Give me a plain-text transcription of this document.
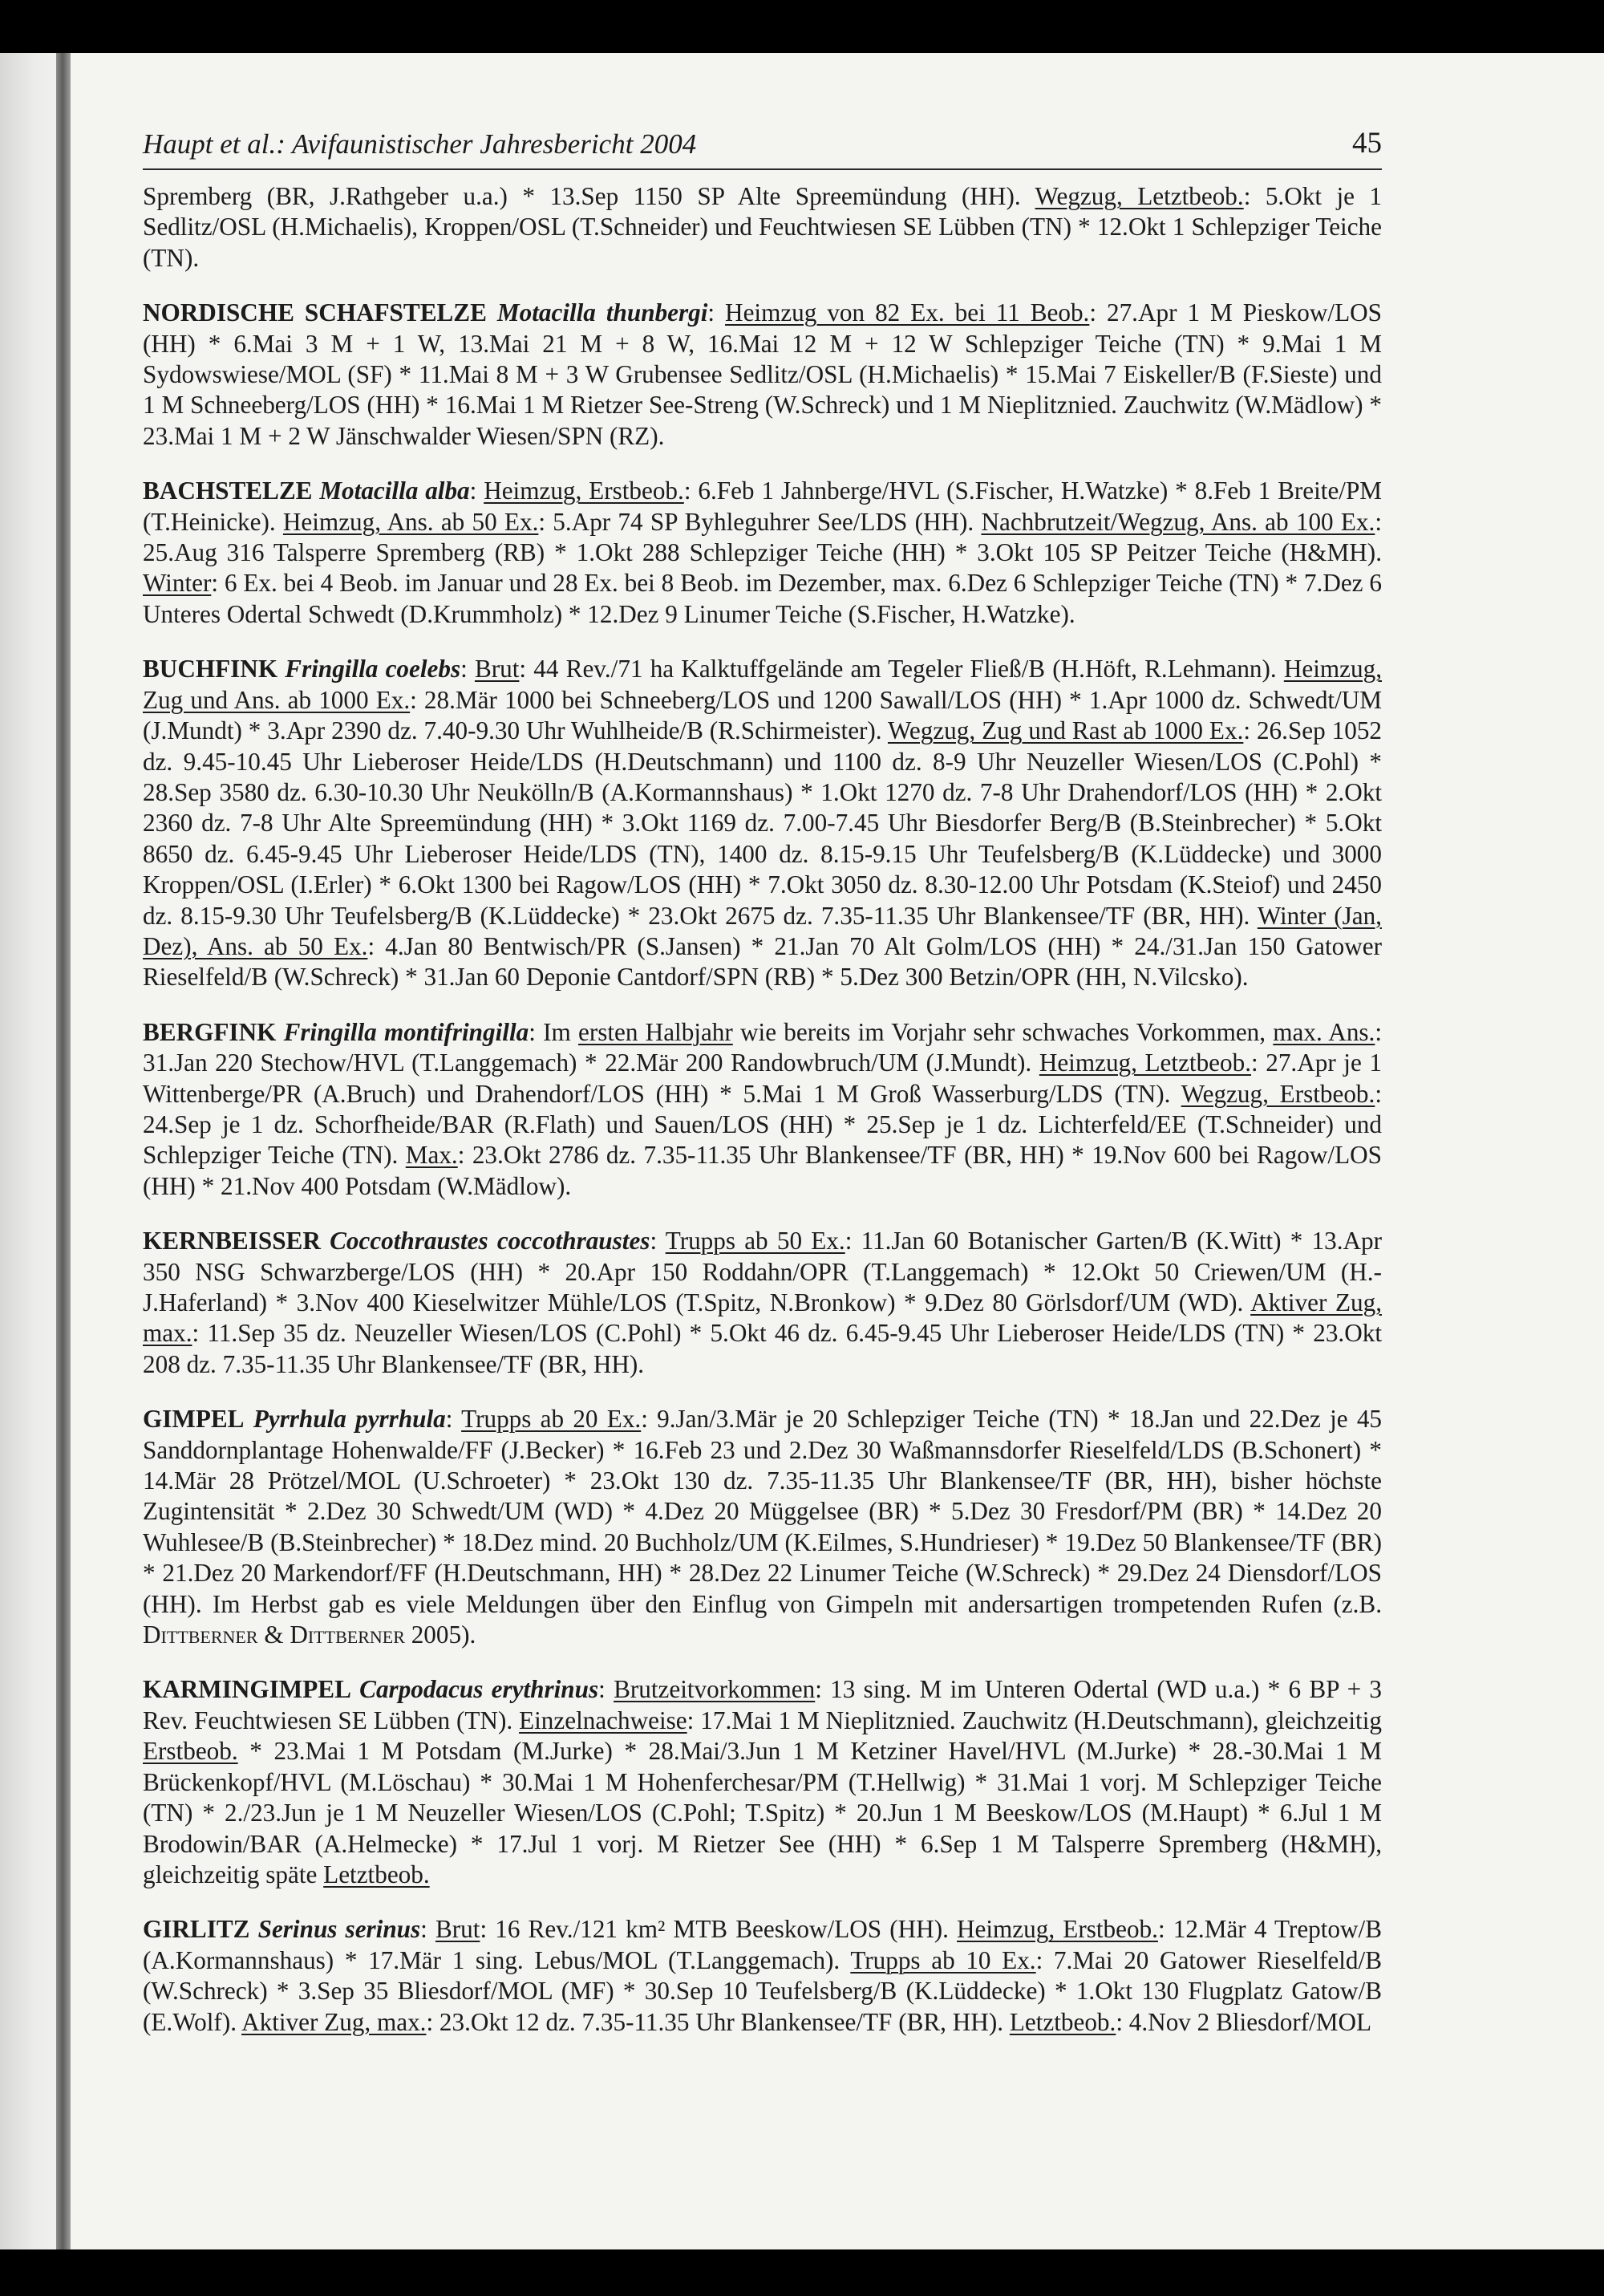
Haupt et al.: Avifaunistischer Jahresbericht 2004	45

Spremberg (BR, J.Rathgeber u.a.) * 13.Sep 1150 SP Alte Spreemündung (HH). Wegzug, Letztbeob.: 5.Okt je 1 Sedlitz/OSL (H.Michaelis), Kroppen/OSL (T.Schneider) und Feuchtwiesen SE Lübben (TN) * 12.Okt 1 Schlepziger Teiche (TN).

NORDISCHE SCHAFSTELZE Motacilla thunbergi: Heimzug von 82 Ex. bei 11 Beob.: 27.Apr 1 M Pieskow/LOS (HH) * 6.Mai 3 M + 1 W, 13.Mai 21 M + 8 W, 16.Mai 12 M + 12 W Schlepziger Teiche (TN) * 9.Mai 1 M Sydowswiese/MOL (SF) * 11.Mai 8 M + 3 W Grubensee Sedlitz/OSL (H.Michaelis) * 15.Mai 7 Eiskeller/B (F.Sieste) und 1 M Schneeberg/LOS (HH) * 16.Mai 1 M Rietzer See-Streng (W.Schreck) und 1 M Nieplitznied. Zauchwitz (W.Mädlow) * 23.Mai 1 M + 2 W Jänschwalder Wiesen/SPN (RZ).

BACHSTELZE Motacilla alba: Heimzug, Erstbeob.: 6.Feb 1 Jahnberge/HVL (S.Fischer, H.Watzke) * 8.Feb 1 Breite/PM (T.Heinicke). Heimzug, Ans. ab 50 Ex.: 5.Apr 74 SP Byhleguhrer See/LDS (HH). Nachbrutzeit/Wegzug, Ans. ab 100 Ex.: 25.Aug 316 Talsperre Spremberg (RB) * 1.Okt 288 Schlepziger Teiche (HH) * 3.Okt 105 SP Peitzer Teiche (H&MH). Winter: 6 Ex. bei 4 Beob. im Januar und 28 Ex. bei 8 Beob. im Dezember, max. 6.Dez 6 Schlepziger Teiche (TN) * 7.Dez 6 Unteres Odertal Schwedt (D.Krummholz) * 12.Dez 9 Linumer Teiche (S.Fischer, H.Watzke).

BUCHFINK Fringilla coelebs: Brut: 44 Rev./71 ha Kalktuffgelände am Tegeler Fließ/B (H.Höft, R.Lehmann). Heimzug, Zug und Ans. ab 1000 Ex.: 28.Mär 1000 bei Schneeberg/LOS und 1200 Sawall/LOS (HH) * 1.Apr 1000 dz. Schwedt/UM (J.Mundt) * 3.Apr 2390 dz. 7.40-9.30 Uhr Wuhlheide/B (R.Schirmeister). Wegzug, Zug und Rast ab 1000 Ex.: 26.Sep 1052 dz. 9.45-10.45 Uhr Lieberoser Heide/LDS (H.Deutschmann) und 1100 dz. 8-9 Uhr Neuzeller Wiesen/LOS (C.Pohl) * 28.Sep 3580 dz. 6.30-10.30 Uhr Neukölln/B (A.Kormannshaus) * 1.Okt 1270 dz. 7-8 Uhr Drahendorf/LOS (HH) * 2.Okt 2360 dz. 7-8 Uhr Alte Spreemündung (HH) * 3.Okt 1169 dz. 7.00-7.45 Uhr Biesdorfer Berg/B (B.Steinbrecher) * 5.Okt 8650 dz. 6.45-9.45 Uhr Lieberoser Heide/LDS (TN), 1400 dz. 8.15-9.15 Uhr Teufelsberg/B (K.Lüddecke) und 3000 Kroppen/OSL (I.Erler) * 6.Okt 1300 bei Ragow/LOS (HH) * 7.Okt 3050 dz. 8.30-12.00 Uhr Potsdam (K.Steiof) und 2450 dz. 8.15-9.30 Uhr Teufelsberg/B (K.Lüddecke) * 23.Okt 2675 dz. 7.35-11.35 Uhr Blankensee/TF (BR, HH). Winter (Jan, Dez), Ans. ab 50 Ex.: 4.Jan 80 Bentwisch/PR (S.Jansen) * 21.Jan 70 Alt Golm/LOS (HH) * 24./31.Jan 150 Gatower Rieselfeld/B (W.Schreck) * 31.Jan 60 Deponie Cantdorf/SPN (RB) * 5.Dez 300 Betzin/OPR (HH, N.Vilcsko).

BERGFINK Fringilla montifringilla: Im ersten Halbjahr wie bereits im Vorjahr sehr schwaches Vorkommen, max. Ans.: 31.Jan 220 Stechow/HVL (T.Langgemach) * 22.Mär 200 Randowbruch/UM (J.Mundt). Heimzug, Letztbeob.: 27.Apr je 1 Wittenberge/PR (A.Bruch) und Drahendorf/LOS (HH) * 5.Mai 1 M Groß Wasserburg/LDS (TN). Wegzug, Erstbeob.: 24.Sep je 1 dz. Schorfheide/BAR (R.Flath) und Sauen/LOS (HH) * 25.Sep je 1 dz. Lichterfeld/EE (T.Schneider) und Schlepziger Teiche (TN). Max.: 23.Okt 2786 dz. 7.35-11.35 Uhr Blankensee/TF (BR, HH) * 19.Nov 600 bei Ragow/LOS (HH) * 21.Nov 400 Potsdam (W.Mädlow).

KERNBEISSER Coccothraustes coccothraustes: Trupps ab 50 Ex.: 11.Jan 60 Botanischer Garten/B (K.Witt) * 13.Apr 350 NSG Schwarzberge/LOS (HH) * 20.Apr 150 Roddahn/OPR (T.Langgemach) * 12.Okt 50 Criewen/UM (H.-J.Haferland) * 3.Nov 400 Kieselwitzer Mühle/LOS (T.Spitz, N.Bronkow) * 9.Dez 80 Görlsdorf/UM (WD). Aktiver Zug, max.: 11.Sep 35 dz. Neuzeller Wiesen/LOS (C.Pohl) * 5.Okt 46 dz. 6.45-9.45 Uhr Lieberoser Heide/LDS (TN) * 23.Okt 208 dz. 7.35-11.35 Uhr Blankensee/TF (BR, HH).

GIMPEL Pyrrhula pyrrhula: Trupps ab 20 Ex.: 9.Jan/3.Mär je 20 Schlepziger Teiche (TN) * 18.Jan und 22.Dez je 45 Sanddornplantage Hohenwalde/FF (J.Becker) * 16.Feb 23 und 2.Dez 30 Waßmannsdorfer Rieselfeld/LDS (B.Schonert) * 14.Mär 28 Prötzel/MOL (U.Schroeter) * 23.Okt 130 dz. 7.35-11.35 Uhr Blankensee/TF (BR, HH), bisher höchste Zugintensität * 2.Dez 30 Schwedt/UM (WD) * 4.Dez 20 Müggelsee (BR) * 5.Dez 30 Fresdorf/PM (BR) * 14.Dez 20 Wuhlesee/B (B.Steinbrecher) * 18.Dez mind. 20 Buchholz/UM (K.Eilmes, S.Hundrieser) * 19.Dez 50 Blankensee/TF (BR) * 21.Dez 20 Markendorf/FF (H.Deutschmann, HH) * 28.Dez 22 Linumer Teiche (W.Schreck) * 29.Dez 24 Diensdorf/LOS (HH). Im Herbst gab es viele Meldungen über den Einflug von Gimpeln mit andersartigen trompetenden Rufen (z.B. Dittberner & Dittberner 2005).

KARMINGIMPEL Carpodacus erythrinus: Brutzeitvorkommen: 13 sing. M im Unteren Odertal (WD u.a.) * 6 BP + 3 Rev. Feuchtwiesen SE Lübben (TN). Einzelnachweise: 17.Mai 1 M Nieplitznied. Zauchwitz (H.Deutschmann), gleichzeitig Erstbeob. * 23.Mai 1 M Potsdam (M.Jurke) * 28.Mai/3.Jun 1 M Ketziner Havel/HVL (M.Jurke) * 28.-30.Mai 1 M Brückenkopf/HVL (M.Löschau) * 30.Mai 1 M Hohenferchesar/PM (T.Hellwig) * 31.Mai 1 vorj. M Schlepziger Teiche (TN) * 2./23.Jun je 1 M Neuzeller Wiesen/LOS (C.Pohl; T.Spitz) * 20.Jun 1 M Beeskow/LOS (M.Haupt) * 6.Jul 1 M Brodowin/BAR (A.Helmecke) * 17.Jul 1 vorj. M Rietzer See (HH) * 6.Sep 1 M Talsperre Spremberg (H&MH), gleichzeitig späte Letztbeob.

GIRLITZ Serinus serinus: Brut: 16 Rev./121 km² MTB Beeskow/LOS (HH). Heimzug, Erstbeob.: 12.Mär 4 Treptow/B (A.Kormannshaus) * 17.Mär 1 sing. Lebus/MOL (T.Langgemach). Trupps ab 10 Ex.: 7.Mai 20 Gatower Rieselfeld/B (W.Schreck) * 3.Sep 35 Bliesdorf/MOL (MF) * 30.Sep 10 Teufelsberg/B (K.Lüddecke) * 1.Okt 130 Flugplatz Gatow/B (E.Wolf). Aktiver Zug, max.: 23.Okt 12 dz. 7.35-11.35 Uhr Blankensee/TF (BR, HH). Letztbeob.: 4.Nov 2 Bliesdorf/MOL
